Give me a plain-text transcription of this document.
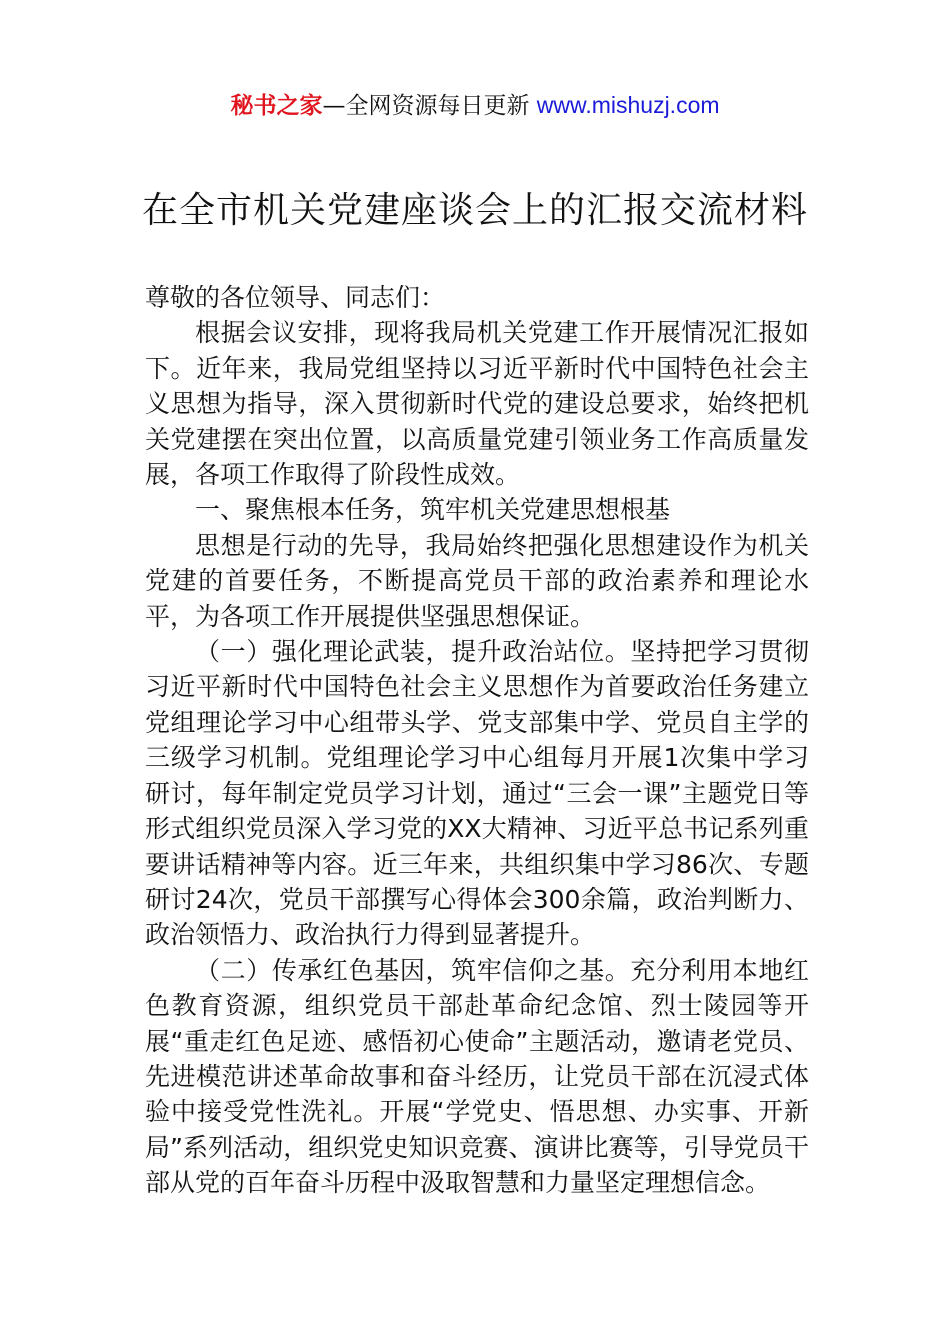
秘书之家—全网资源每日更新 www.mishuzj.com
在全市机关党建座谈会上的汇报交流材料

尊敬的各位领导、同志们：

根据会议安排，现将我局机关党建工作开展情况汇报如下。近年来，我局党组坚持以习近平新时代中国特色社会主义思想为指导，深入贯彻新时代党的建设总要求，始终把机关党建摆在突出位置，以高质量党建引领业务工作高质量发展，各项工作取得了阶段性成效。

一、聚焦根本任务，筑牢机关党建思想根基

思想是行动的先导，我局始终把强化思想建设作为机关党建的首要任务，不断提高党员干部的政治素养和理论水平，为各项工作开展提供坚强思想保证。

（一）强化理论武装，提升政治站位。坚持把学习贯彻习近平新时代中国特色社会主义思想作为首要政治任务建立党组理论学习中心组带头学、党支部集中学、党员自主学的三级学习机制。党组理论学习中心组每月开展1次集中学习研讨，每年制定党员学习计划，通过“三会一课”主题党日等形式组织党员深入学习党的XX大精神、习近平总书记系列重要讲话精神等内容。近三年来，共组织集中学习86次、专题研讨24次，党员干部撰写心得体会300余篇，政治判断力、政治领悟力、政治执行力得到显著提升。

（二）传承红色基因，筑牢信仰之基。充分利用本地红色教育资源，组织党员干部赴革命纪念馆、烈士陵园等开展“重走红色足迹、感悟初心使命”主题活动，邀请老党员、先进模范讲述革命故事和奋斗经历，让党员干部在沉浸式体验中接受党性洗礼。开展“学党史、悟思想、办实事、开新局”系列活动，组织党史知识竞赛、演讲比赛等，引导党员干部从党的百年奋斗历程中汲取智慧和力量坚定理想信念。
